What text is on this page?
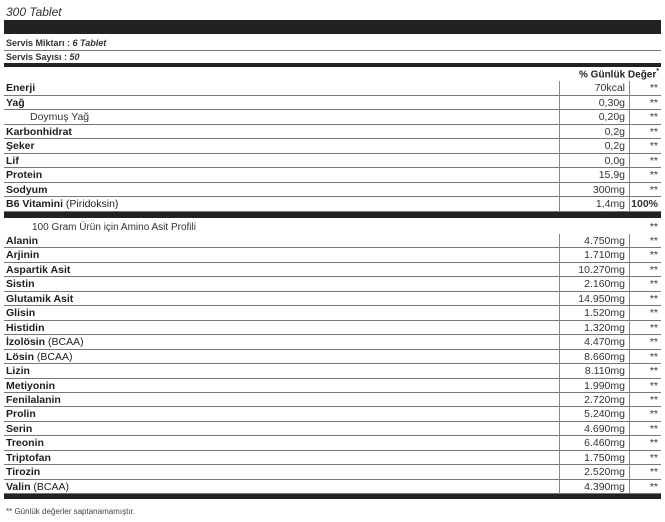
300 Tablet
Servis Miktarı : 6 Tablet
Servis Sayısı : 50
% Günlük Değer*
Enerji	70kcal **
Yağ	0,30g **
Doymuş Yağ	0,20g **
Karbonhidrat	0,2g **
Şeker	0,2g **
Lif	0,0g **
Protein	15,9g **
Sodyum	300mg **
B6 Vitamini (Piridoksin)	1,4mg 100%
100 Gram Ürün için Amino Asit Profili	**
Alanin	4.750mg **
Arjinin	1.710mg **
Aspartik Asit	10.270mg **
Sistin	2.160mg **
Glutamik Asit	14.950mg **
Glisin	1.520mg **
Histidin	1.320mg **
İzolösin (BCAA)	4.470mg **
Lösin (BCAA)	8.660mg **
Lizin	8.110mg **
Metiyonin	1.990mg **
Fenilalanin	2.720mg **
Prolin	5.240mg **
Serin	4.690mg **
Treonin	6.460mg **
Triptofan	1.750mg **
Tirozin	2.520mg **
Valin (BCAA)	4.390mg **
** Günlük değerler saptanamamıştır.
